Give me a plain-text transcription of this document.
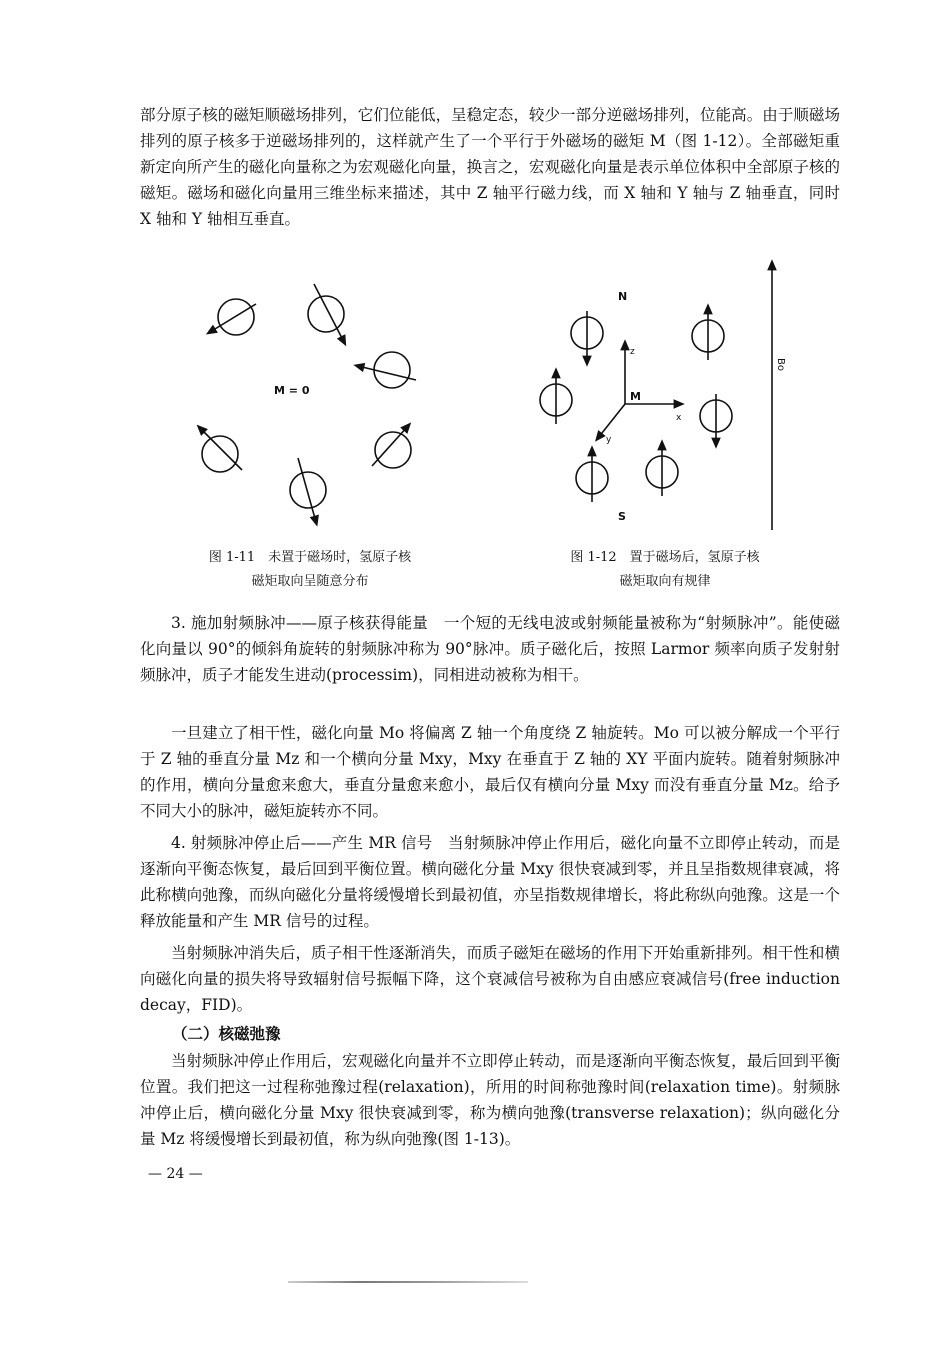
部分原子核的磁矩顺磁场排列，它们位能低，呈稳定态，较少一部分逆磁场排列，位能高。由于顺磁场排列的原子核多于逆磁场排列的，这样就产生了一个平行于外磁场的磁矩 M（图 1-12）。全部磁矩重新定向所产生的磁化向量称之为宏观磁化向量，换言之，宏观磁化向量是表示单位体积中全部原子核的磁矩。磁场和磁化向量用三维坐标来描述，其中 Z 轴平行磁力线，而 X 轴和 Y 轴与 Z 轴垂直，同时 X 轴和 Y 轴相互垂直。

M = 0
N
S
z
x
y
M
Bo
图 1-11　未置于磁场时，氢原子核
磁矩取向呈随意分布
图 1-12　置于磁场后，氢原子核
磁矩取向有规律

3. 施加射频脉冲——原子核获得能量　一个短的无线电波或射频能量被称为“射频脉冲”。能使磁化向量以 90°的倾斜角旋转的射频脉冲称为 90°脉冲。质子磁化后，按照 Larmor 频率向质子发射射频脉冲，质子才能发生进动(processim)，同相进动被称为相干。

一旦建立了相干性，磁化向量 Mo 将偏离 Z 轴一个角度绕 Z 轴旋转。Mo 可以被分解成一个平行于 Z 轴的垂直分量 Mz 和一个横向分量 Mxy，Mxy 在垂直于 Z 轴的 XY 平面内旋转。随着射频脉冲的作用，横向分量愈来愈大，垂直分量愈来愈小，最后仅有横向分量 Mxy 而没有垂直分量 Mz。给予不同大小的脉冲，磁矩旋转亦不同。

4. 射频脉冲停止后——产生 MR 信号　当射频脉冲停止作用后，磁化向量不立即停止转动，而是逐渐向平衡态恢复，最后回到平衡位置。横向磁化分量 Mxy 很快衰减到零，并且呈指数规律衰减，将此称横向弛豫，而纵向磁化分量将缓慢增长到最初值，亦呈指数规律增长，将此称纵向弛豫。这是一个释放能量和产生 MR 信号的过程。

当射频脉冲消失后，质子相干性逐渐消失，而质子磁矩在磁场的作用下开始重新排列。相干性和横向磁化向量的损失将导致辐射信号振幅下降，这个衰减信号被称为自由感应衰减信号(free induction decay，FID)。

（二）核磁弛豫

当射频脉冲停止作用后，宏观磁化向量并不立即停止转动，而是逐渐向平衡态恢复，最后回到平衡位置。我们把这一过程称弛豫过程(relaxation)，所用的时间称弛豫时间(relaxation time)。射频脉冲停止后，横向磁化分量 Mxy 很快衰减到零，称为横向弛豫(transverse relaxation)；纵向磁化分量 Mz 将缓慢增长到最初值，称为纵向弛豫(图 1-13)。

— 24 —
